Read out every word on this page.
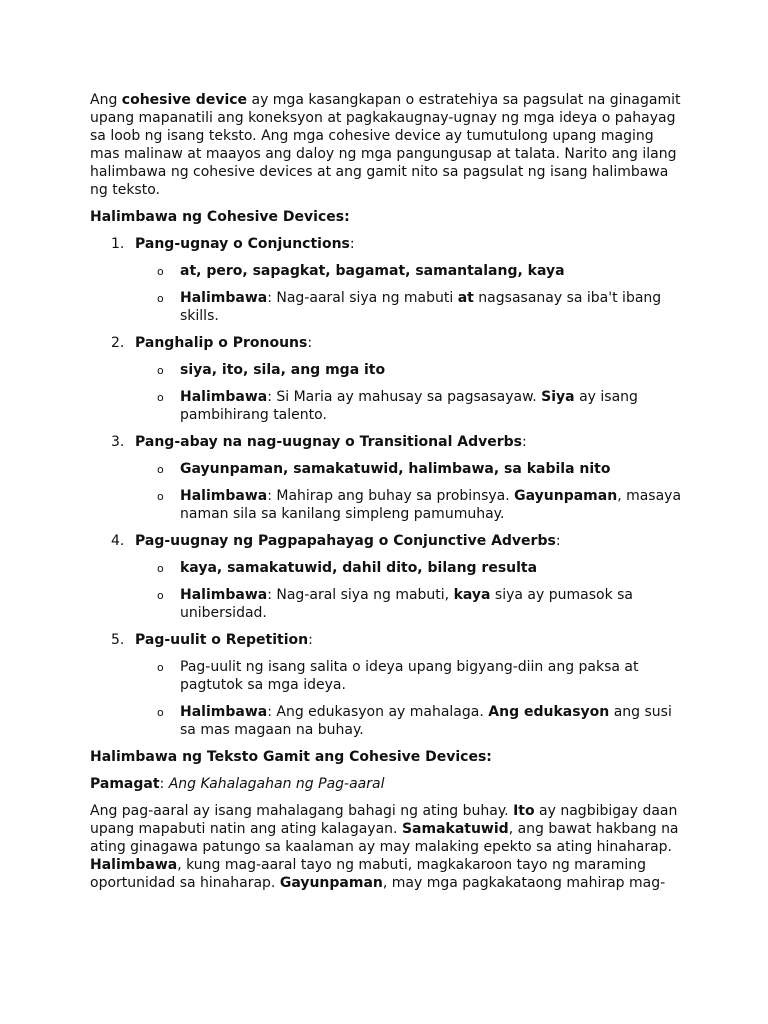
Ang cohesive device ay mga kasangkapan o estratehiya sa pagsulat na ginagamit upang mapanatili ang koneksyon at pagkakaugnay-ugnay ng mga ideya o pahayag sa loob ng isang teksto. Ang mga cohesive device ay tumutulong upang maging mas malinaw at maayos ang daloy ng mga pangungusap at talata. Narito ang ilang halimbawa ng cohesive devices at ang gamit nito sa pagsulat ng isang halimbawa ng teksto.

Halimbawa ng Cohesive Devices:

1. Pang-ugnay o Conjunctions:
o at, pero, sapagkat, bagamat, samantalang, kaya
o Halimbawa: Nag-aaral siya ng mabuti at nagsasanay sa iba't ibang skills.
2. Panghalip o Pronouns:
o siya, ito, sila, ang mga ito
o Halimbawa: Si Maria ay mahusay sa pagsasayaw. Siya ay isang pambihirang talento.
3. Pang-abay na nag-uugnay o Transitional Adverbs:
o Gayunpaman, samakatuwid, halimbawa, sa kabila nito
o Halimbawa: Mahirap ang buhay sa probinsya. Gayunpaman, masaya naman sila sa kanilang simpleng pamumuhay.
4. Pag-uugnay ng Pagpapahayag o Conjunctive Adverbs:
o kaya, samakatuwid, dahil dito, bilang resulta
o Halimbawa: Nag-aral siya ng mabuti, kaya siya ay pumasok sa unibersidad.
5. Pag-uulit o Repetition:
o Pag-uulit ng isang salita o ideya upang bigyang-diin ang paksa at pagtutok sa mga ideya.
o Halimbawa: Ang edukasyon ay mahalaga. Ang edukasyon ang susi sa mas magaan na buhay.

Halimbawa ng Teksto Gamit ang Cohesive Devices:

Pamagat: Ang Kahalagahan ng Pag-aaral

Ang pag-aaral ay isang mahalagang bahagi ng ating buhay. Ito ay nagbibigay daan upang mapabuti natin ang ating kalagayan. Samakatuwid, ang bawat hakbang na ating ginagawa patungo sa kaalaman ay may malaking epekto sa ating hinaharap. Halimbawa, kung mag-aaral tayo ng mabuti, magkakaroon tayo ng maraming oportunidad sa hinaharap. Gayunpaman, may mga pagkakataong mahirap mag-
